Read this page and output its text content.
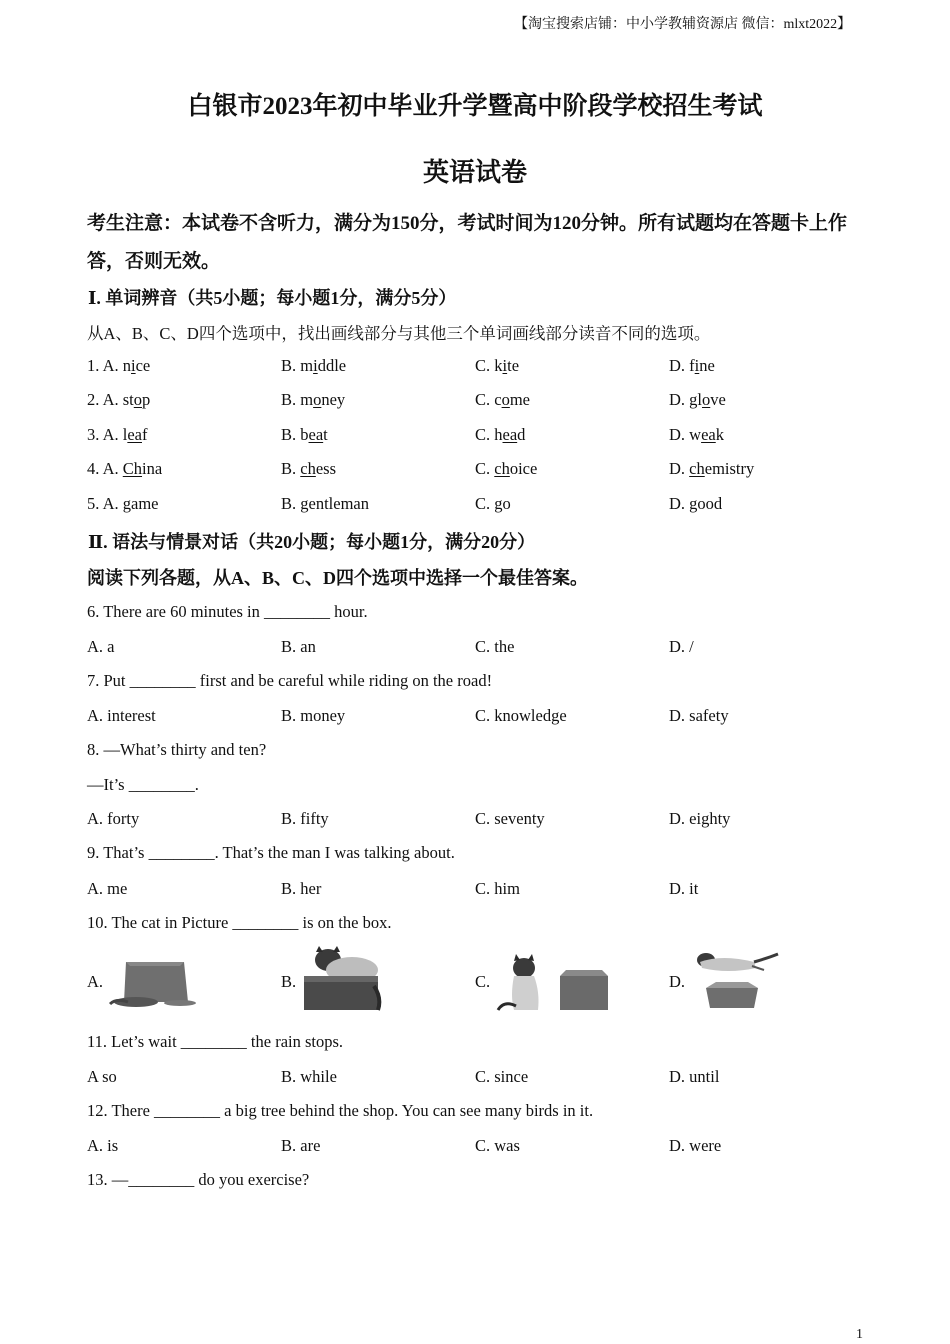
【淘宝搜索店铺：中小学教辅资源店 微信：mlxt2022】
白银市2023年初中毕业升学暨高中阶段学校招生考试
英语试卷
考生注意：本试卷不含听力，满分为150分，考试时间为120分钟。所有试题均在答题卡上作答，否则无效。
Ⅰ. 单词辨音（共5小题；每小题1分，满分5分）
从A、B、C、D四个选项中，找出画线部分与其他三个单词画线部分读音不同的选项。
1. A. nice	B. middle	C. kite	D. fine
2. A. stop	B. money	C. come	D. glove
3. A. leaf	B. beat	C. head	D. weak
4. A. China	B. chess	C. choice	D. chemistry
5. A. game	B. gentleman	C. go	D. good
Ⅱ. 语法与情景对话（共20小题；每小题1分，满分20分）
阅读下列各题，从A、B、C、D四个选项中选择一个最佳答案。
6. There are 60 minutes in ________ hour.
A. a	B. an	C. the	D. /
7. Put ________ first and be careful while riding on the road!
A. interest	B. money	C. knowledge	D. safety
8. —What’s thirty and ten?
—It’s ________.
A. forty	B. fifty	C. seventy	D. eighty
9. That’s ________. That’s the man I was talking about.
A. me	B. her	C. him	D. it
10. The cat in Picture ________ is on the box.
A.	B.	C.	D.
11. Let’s wait ________ the rain stops.
A so	B. while	C. since	D. until
12. There ________ a big tree behind the shop. You can see many birds in it.
A. is	B. are	C. was	D. were
13. —________ do you exercise?
1
